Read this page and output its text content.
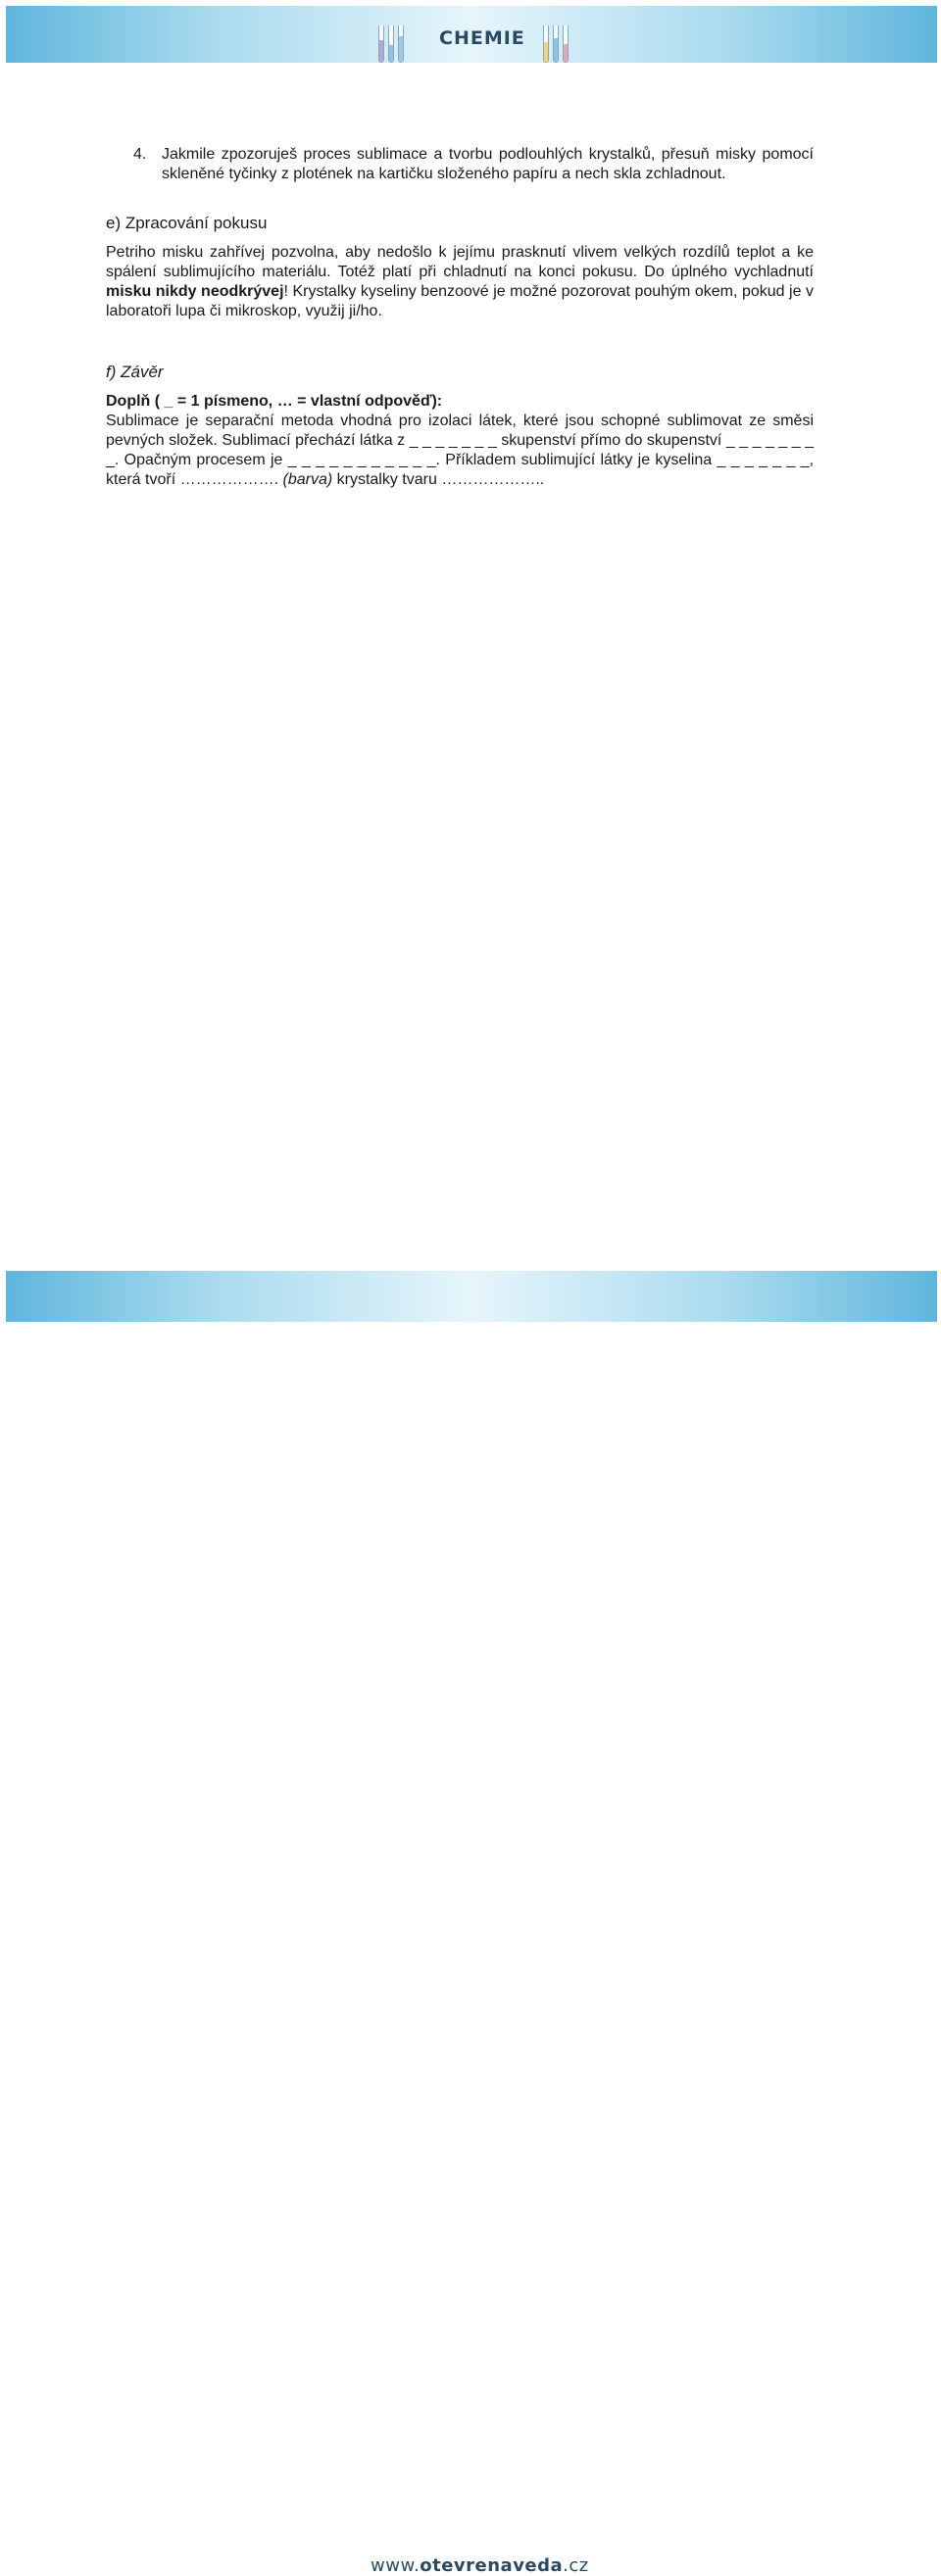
CHEMIE
4. Jakmile zpozoruješ proces sublimace a tvorbu podlouhlých krystalků, přesuň misky pomocí skleněné tyčinky z plotének na kartičku složeného papíru a nech skla zchladnout.
e) Zpracování pokusu
Petriho misku zahřívej pozvolna, aby nedošlo k jejímu prasknutí vlivem velkých rozdílů teplot a ke spálení sublimujícího materiálu. Totéž platí při chladnutí na konci pokusu. Do úplného vychladnutí misku nikdy neodkrývej! Krystalky kyseliny benzoové je možné pozorovat pouhým okem, pokud je v laboratoři lupa či mikroskop, využij ji/ho.
f) Závěr
Doplň ( _ = 1 písmeno, … = vlastní odpověď):
Sublimace je separační metoda vhodná pro izolaci látek, které jsou schopné sublimovat ze směsi pevných složek. Sublimací přechází látka z _ _ _ _ _ _ _ skupenství přímo do skupenství _ _ _ _ _ _ _ _. Opačným procesem je _ _ _ _ _ _ _ _ _ _ _. Příkladem sublimující látky je kyselina _ _ _ _ _ _ _, která tvoří ………………. (barva) krystalky tvaru ………………..
www.otevrenaveda.cz
